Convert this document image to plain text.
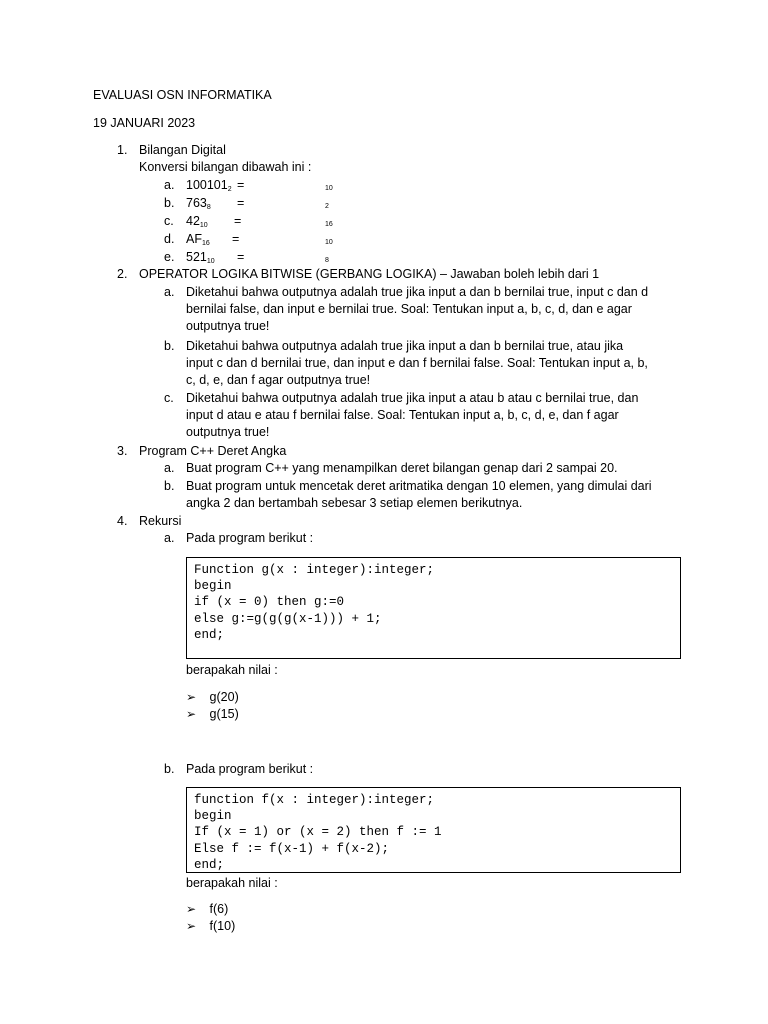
EVALUASI OSN INFORMATIKA
19 JANUARI 2023
1. Bilangan Digital
Konversi bilangan dibawah ini :
a. $100101_2$ =	10
b. $763_8$ =	2
c. $42_{10}$ =	16
d. $AF_{16}$ =	10
e. $521_{10}$ =	8
2. OPERATOR LOGIKA BITWISE (GERBANG LOGIKA) – Jawaban boleh lebih dari 1
a. Diketahui bahwa outputnya adalah true jika input a dan b bernilai true, input c dan d
bernilai false, dan input e bernilai true. Soal: Tentukan input a, b, c, d, dan e agar
outputnya true!
b. Diketahui bahwa outputnya adalah true jika input a dan b bernilai true, atau jika
input c dan d bernilai true, dan input e dan f bernilai false. Soal: Tentukan input a, b,
c, d, e, dan f agar outputnya true!
c. Diketahui bahwa outputnya adalah true jika input a atau b atau c bernilai true, dan
input d atau e atau f bernilai false. Soal: Tentukan input a, b, c, d, e, dan f agar
outputnya true!
3. Program C++ Deret Angka
a. Buat program C++ yang menampilkan deret bilangan genap dari 2 sampai 20.
b. Buat program untuk mencetak deret aritmatika dengan 10 elemen, yang dimulai dari
angka 2 dan bertambah sebesar 3 setiap elemen berikutnya.
4. Rekursi
a. Pada program berikut :
Function g(x : integer):integer;
begin
if (x = 0) then g:=0
else g:=g(g(g(x-1))) + 1;
end;
berapakah nilai :
➢ g(20)
➢ g(15)
b. Pada program berikut :
function f(x : integer):integer;
begin
If (x = 1) or (x = 2) then f := 1
Else f := f(x-1) + f(x-2);
end;
berapakah nilai :
➢ f(6)
➢ f(10)
